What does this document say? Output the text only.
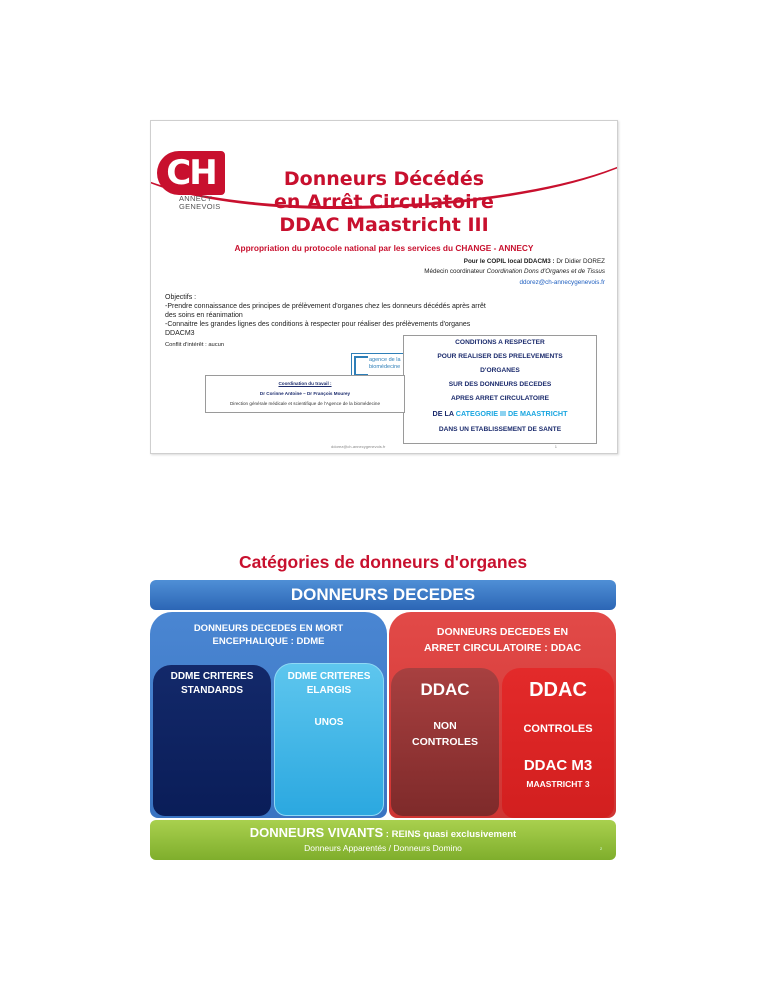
CH
ANNECY
GENEVOIS
Donneurs Décédés
en Arrêt Circulatoire
DDAC Maastricht III
Appropriation du protocole national par les services du CHANGE - ANNECY
Pour le COPIL local DDACM3 : Dr Didier DOREZ
Médecin coordinateur Coordination Dons d'Organes et de Tissus
ddorez@ch-annecygenevois.fr
Objectifs :
-Prendre connaissance des principes de prélèvement d'organes chez les donneurs décédés après arrêt
des soins en réanimation
-Connaitre les grandes lignes des conditions à respecter pour réaliser des prélèvements d'organes
DDACM3
Conflit d'intérêt : aucun
agence de la
biomédecine
CONDITIONS A RESPECTER
POUR REALISER DES PRELEVEMENTS
D'ORGANES
SUR DES DONNEURS DECEDES
APRES ARRET CIRCULATOIRE
DE LA CATEGORIE III DE MAASTRICHT
DANS UN ETABLISSEMENT DE SANTE
Coordination du travail :
Dr Corinne Antoine – Dr François Mourey
Direction générale médicale et scientifique de l'Agence de la biomédecine
ddorez@ch-annecygenevois.fr	1
Catégories de donneurs d'organes
DONNEURS DECEDES
DONNEURS DECEDES EN MORT
ENCEPHALIQUE : DDME
DONNEURS DECEDES EN
ARRET CIRCULATOIRE : DDAC
DDME CRITERES
STANDARDS
DDME CRITERES
ELARGIS
UNOS
DDAC
NON
CONTROLES
DDAC
CONTROLES
DDAC M3
MAASTRICHT 3
DONNEURS VIVANTS : REINS quasi exclusivement
Donneurs Apparentés / Donneurs Domino	2
